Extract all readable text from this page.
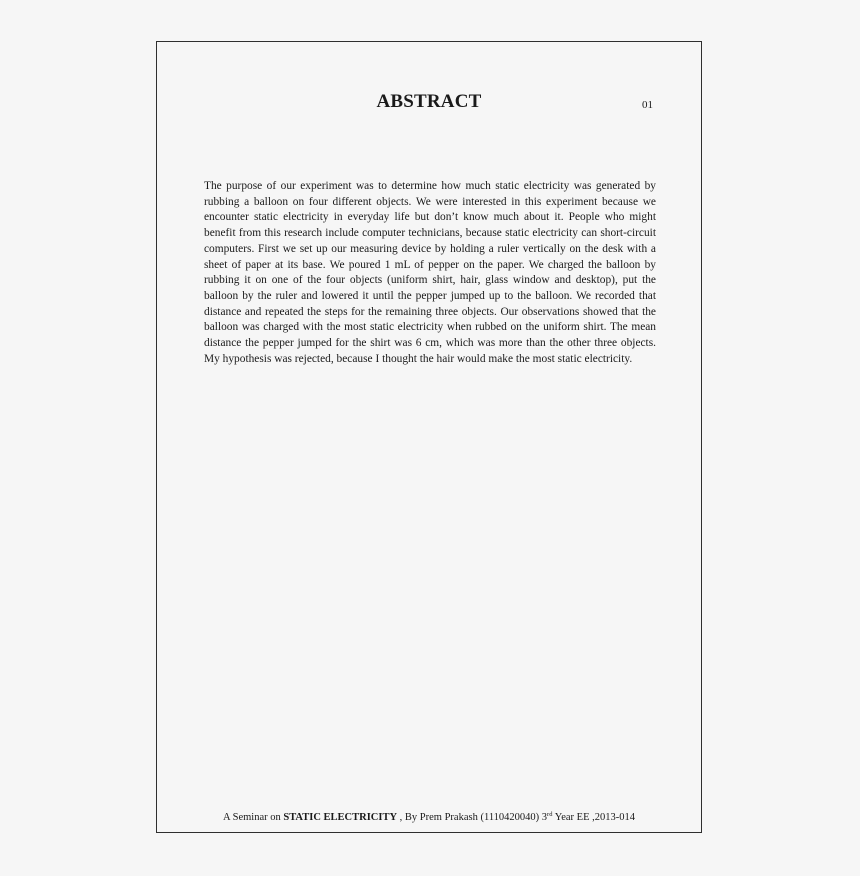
ABSTRACT	01

The purpose of our experiment was to determine how much static electricity was generated by rubbing a balloon on four different objects. We were interested in this experiment because we encounter static electricity in everyday life but don’t know much about it. People who might benefit from this research include computer technicians, because static electricity can short-circuit computers. First we set up our measuring device by holding a ruler vertically on the desk with a sheet of paper at its base. We poured 1 mL of pepper on the paper. We charged the balloon by rubbing it on one of the four objects (uniform shirt, hair, glass window and desktop), put the balloon by the ruler and lowered it until the pepper jumped up to the balloon. We recorded that distance and repeated the steps for the remaining three objects. Our observations showed that the balloon was charged with the most static electricity when rubbed on the uniform shirt. The mean distance the pepper jumped for the shirt was 6 cm, which was more than the other three objects. My hypothesis was rejected, because I thought the hair would make the most static electricity.

A Seminar on STATIC ELECTRICITY , By Prem Prakash (1110420040) 3rd Year EE ,2013-014
